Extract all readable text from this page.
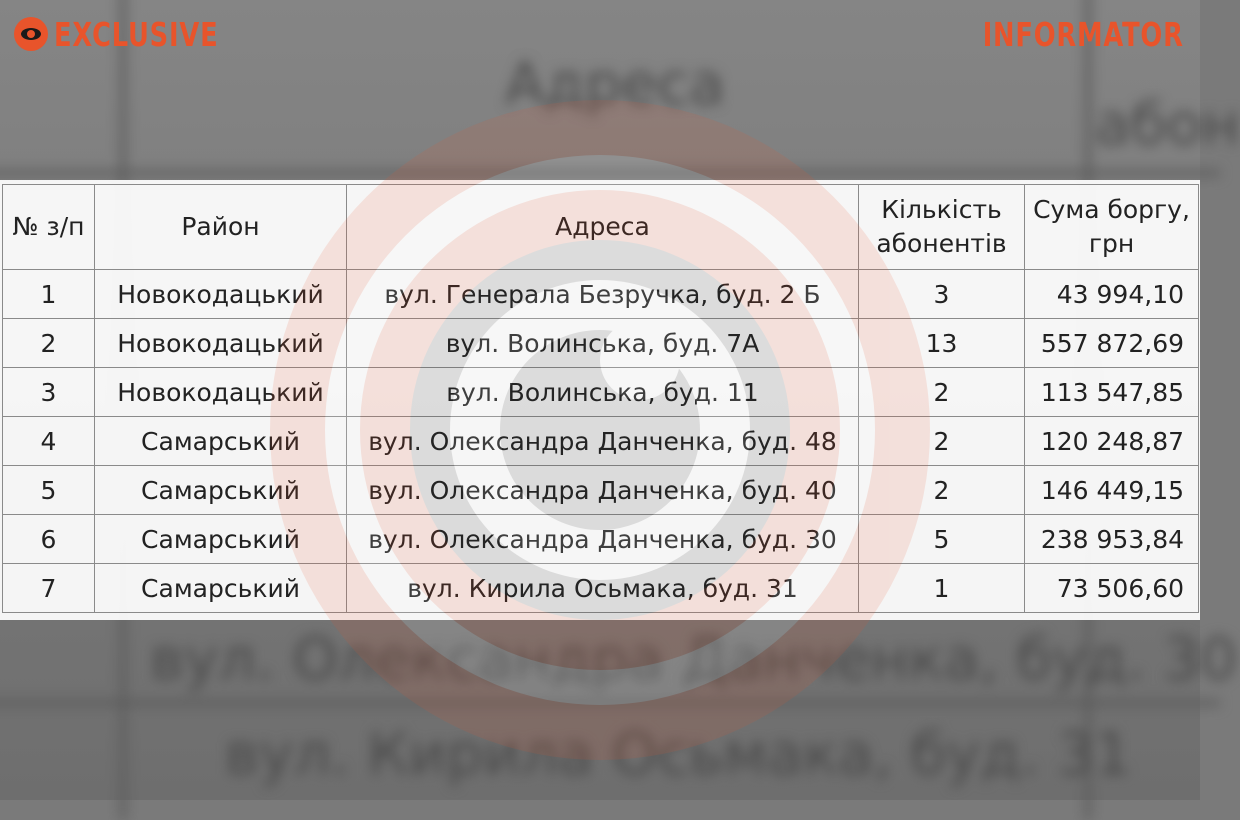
Адреса
абон
вул. Олександра Данченка, буд. 30
вул. Кирила Осьмака, буд. 31
EXCLUSIVE	INFORMATOR
№ з/п	Район	Адреса	Кількість абонентів	Сума боргу, грн
1	Новокодацький	вул. Генерала Безручка, буд. 2 Б	3	43 994,10
2	Новокодацький	вул. Волинська, буд. 7А	13	557 872,69
3	Новокодацький	вул. Волинська, буд. 11	2	113 547,85
4	Самарський	вул. Олександра Данченка, буд. 48	2	120 248,87
5	Самарський	вул. Олександра Данченка, буд. 40	2	146 449,15
6	Самарський	вул. Олександра Данченка, буд. 30	5	238 953,84
7	Самарський	вул. Кирила Осьмака, буд. 31	1	73 506,60
